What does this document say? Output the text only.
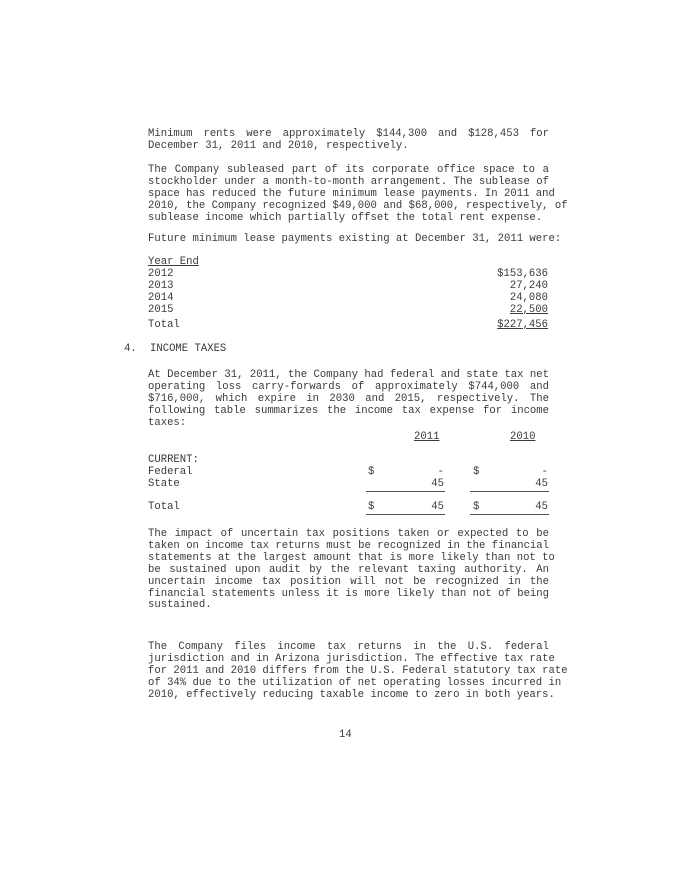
Minimum rents were approximately $144,300 and $128,453 for
December 31, 2011 and 2010, respectively.
The Company subleased part of its corporate office space to a
stockholder under a month-to-month arrangement. The sublease of
space has reduced the future minimum lease payments. In 2011 and
2010, the Company recognized $49,000 and $68,000, respectively, of
sublease income which partially offset the total rent expense.
Future minimum lease payments existing at December 31, 2011 were:
Year End
2012	$153,636
2013	27,240
2014	24,080
2015	22,500
Total	$227,456
4. INCOME TAXES
At December 31, 2011, the Company had federal and state tax net
operating loss carry-forwards of approximately $744,000 and
$716,000, which expire in 2030 and 2015, respectively. The
following table summarizes the income tax expense for income
taxes:
2011	2010
CURRENT:
Federal	$	-	$	-
State	45	45
Total	$	45	$	45
The impact of uncertain tax positions taken or expected to be
taken on income tax returns must be recognized in the financial
statements at the largest amount that is more likely than not to
be sustained upon audit by the relevant taxing authority. An
uncertain income tax position will not be recognized in the
financial statements unless it is more likely than not of being
sustained.
The Company files income tax returns in the U.S. federal
jurisdiction and in Arizona jurisdiction. The effective tax rate
for 2011 and 2010 differs from the U.S. Federal statutory tax rate
of 34% due to the utilization of net operating losses incurred in
2010, effectively reducing taxable income to zero in both years.
14
